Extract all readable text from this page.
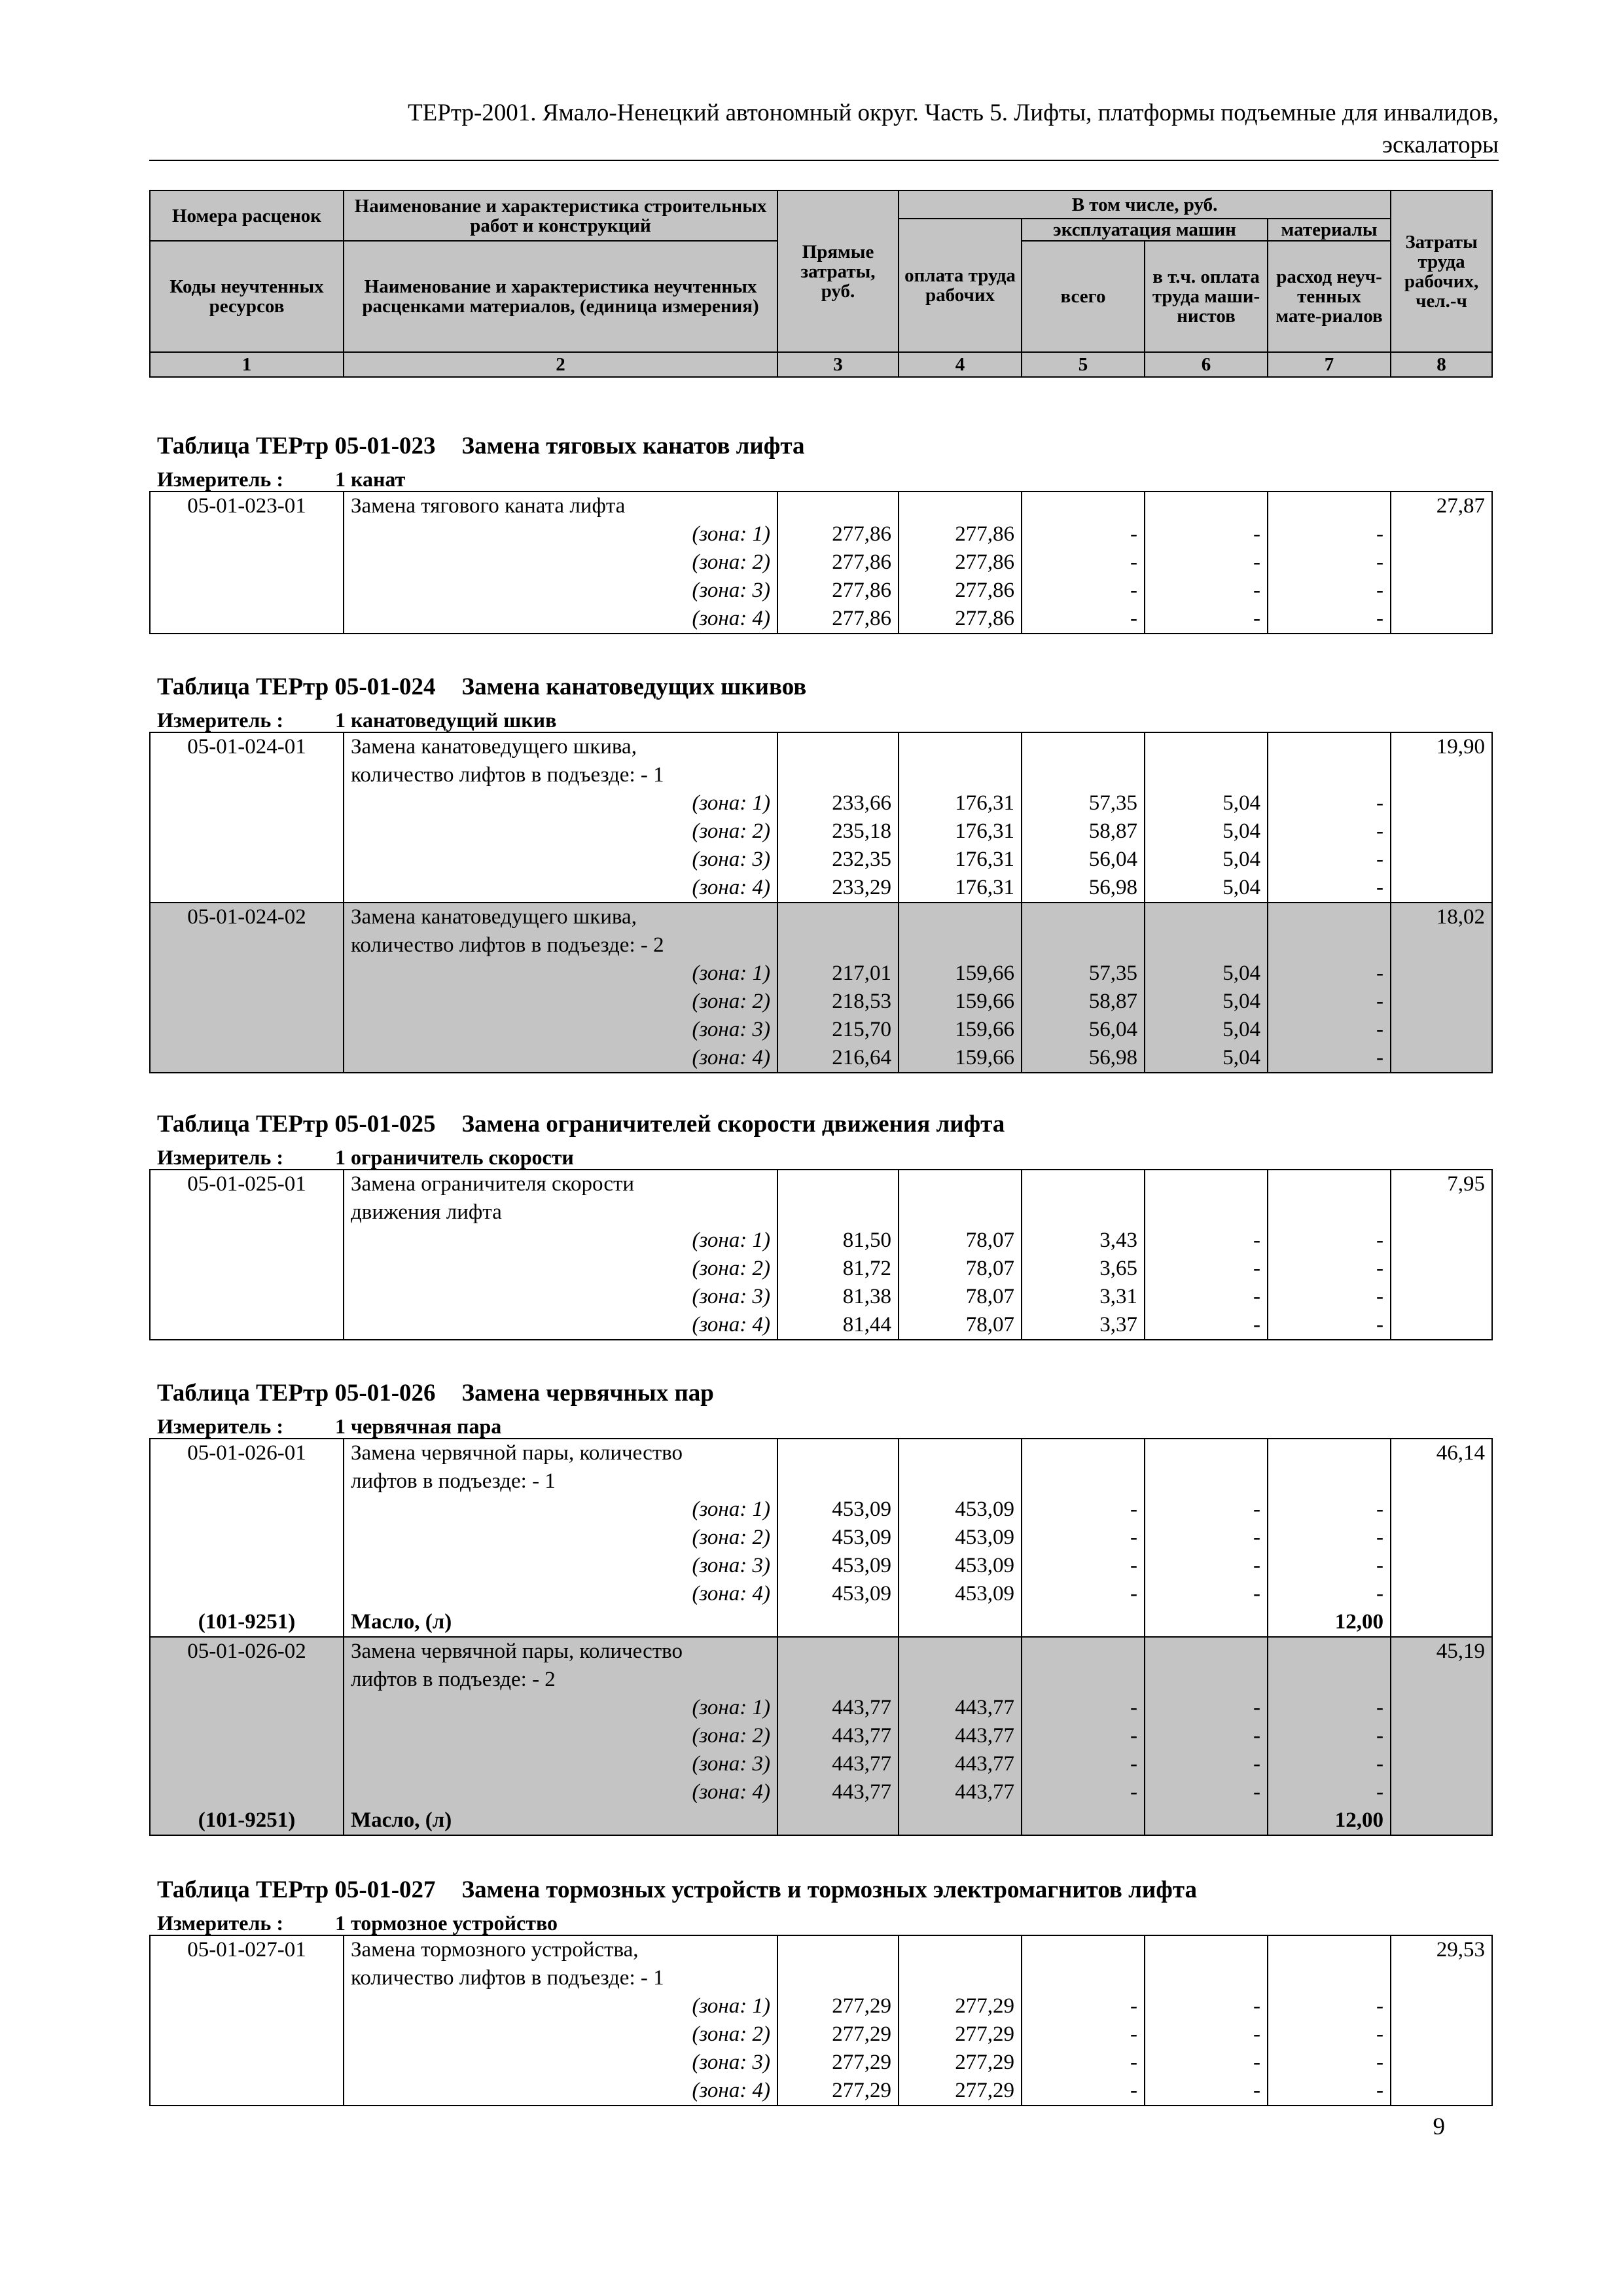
ТЕРтр-2001. Ямало-Ненецкий автономный округ. Часть 5. Лифты, платформы подъемные для инвалидов,
эскалаторы
Номера расценок	Наименование и характеристика строительных работ и конструкций	Прямые затраты, руб.	В том числе, руб.				Затраты труда рабочих, чел.-ч
			оплата труда рабочих	эксплуатация машин		материалы	
Коды неучтенных ресурсов	Наименование и характеристика неучтенных расценками материалов, (единица измерения)			всего	в т.ч. оплата труда маши-нистов	расход неуч-тенных мате-риалов	

1	2	3	4	5	6	7	8
Таблица ТЕРтр 05-01-023 Замена тяговых канатов лифта
Измеритель : 1 канат
05-01-023-01	Замена тягового каната лифта						27,87
	(зона: 1)	277,86	277,86	-	-	-	
	(зона: 2)	277,86	277,86	-	-	-	
	(зона: 3)	277,86	277,86	-	-	-	
	(зона: 4)	277,86	277,86	-	-	-	
Таблица ТЕРтр 05-01-024 Замена канатоведущих шкивов
Измеритель : 1 канатоведущий шкив
05-01-024-01	Замена канатоведущего шкива,						19,90
	количество лифтов в подъезде: - 1						
	(зона: 1)	233,66	176,31	57,35	5,04	-	
	(зона: 2)	235,18	176,31	58,87	5,04	-	
	(зона: 3)	232,35	176,31	56,04	5,04	-	
	(зона: 4)	233,29	176,31	56,98	5,04	-	
05-01-024-02	Замена канатоведущего шкива,						18,02
	количество лифтов в подъезде: - 2						
	(зона: 1)	217,01	159,66	57,35	5,04	-	
	(зона: 2)	218,53	159,66	58,87	5,04	-	
	(зона: 3)	215,70	159,66	56,04	5,04	-	
	(зона: 4)	216,64	159,66	56,98	5,04	-	
Таблица ТЕРтр 05-01-025 Замена ограничителей скорости движения лифта
Измеритель : 1 ограничитель скорости
05-01-025-01	Замена ограничителя скорости						7,95
	движения лифта						
	(зона: 1)	81,50	78,07	3,43	-	-	
	(зона: 2)	81,72	78,07	3,65	-	-	
	(зона: 3)	81,38	78,07	3,31	-	-	
	(зона: 4)	81,44	78,07	3,37	-	-	
Таблица ТЕРтр 05-01-026 Замена червячных пар
Измеритель : 1 червячная пара
05-01-026-01	Замена червячной пары, количество						46,14
	лифтов в подъезде: - 1						
	(зона: 1)	453,09	453,09	-	-	-	
	(зона: 2)	453,09	453,09	-	-	-	
	(зона: 3)	453,09	453,09	-	-	-	
	(зона: 4)	453,09	453,09	-	-	-	
(101-9251)	Масло, (л)					12,00	
05-01-026-02	Замена червячной пары, количество						45,19
	лифтов в подъезде: - 2						
	(зона: 1)	443,77	443,77	-	-	-	
	(зона: 2)	443,77	443,77	-	-	-	
	(зона: 3)	443,77	443,77	-	-	-	
	(зона: 4)	443,77	443,77	-	-	-	
(101-9251)	Масло, (л)					12,00	
Таблица ТЕРтр 05-01-027 Замена тормозных устройств и тормозных электромагнитов лифта
Измеритель : 1 тормозное устройство
05-01-027-01	Замена тормозного устройства,						29,53
	количество лифтов в подъезде: - 1						
	(зона: 1)	277,29	277,29	-	-	-	
	(зона: 2)	277,29	277,29	-	-	-	
	(зона: 3)	277,29	277,29	-	-	-	
	(зона: 4)	277,29	277,29	-	-	-	
9
